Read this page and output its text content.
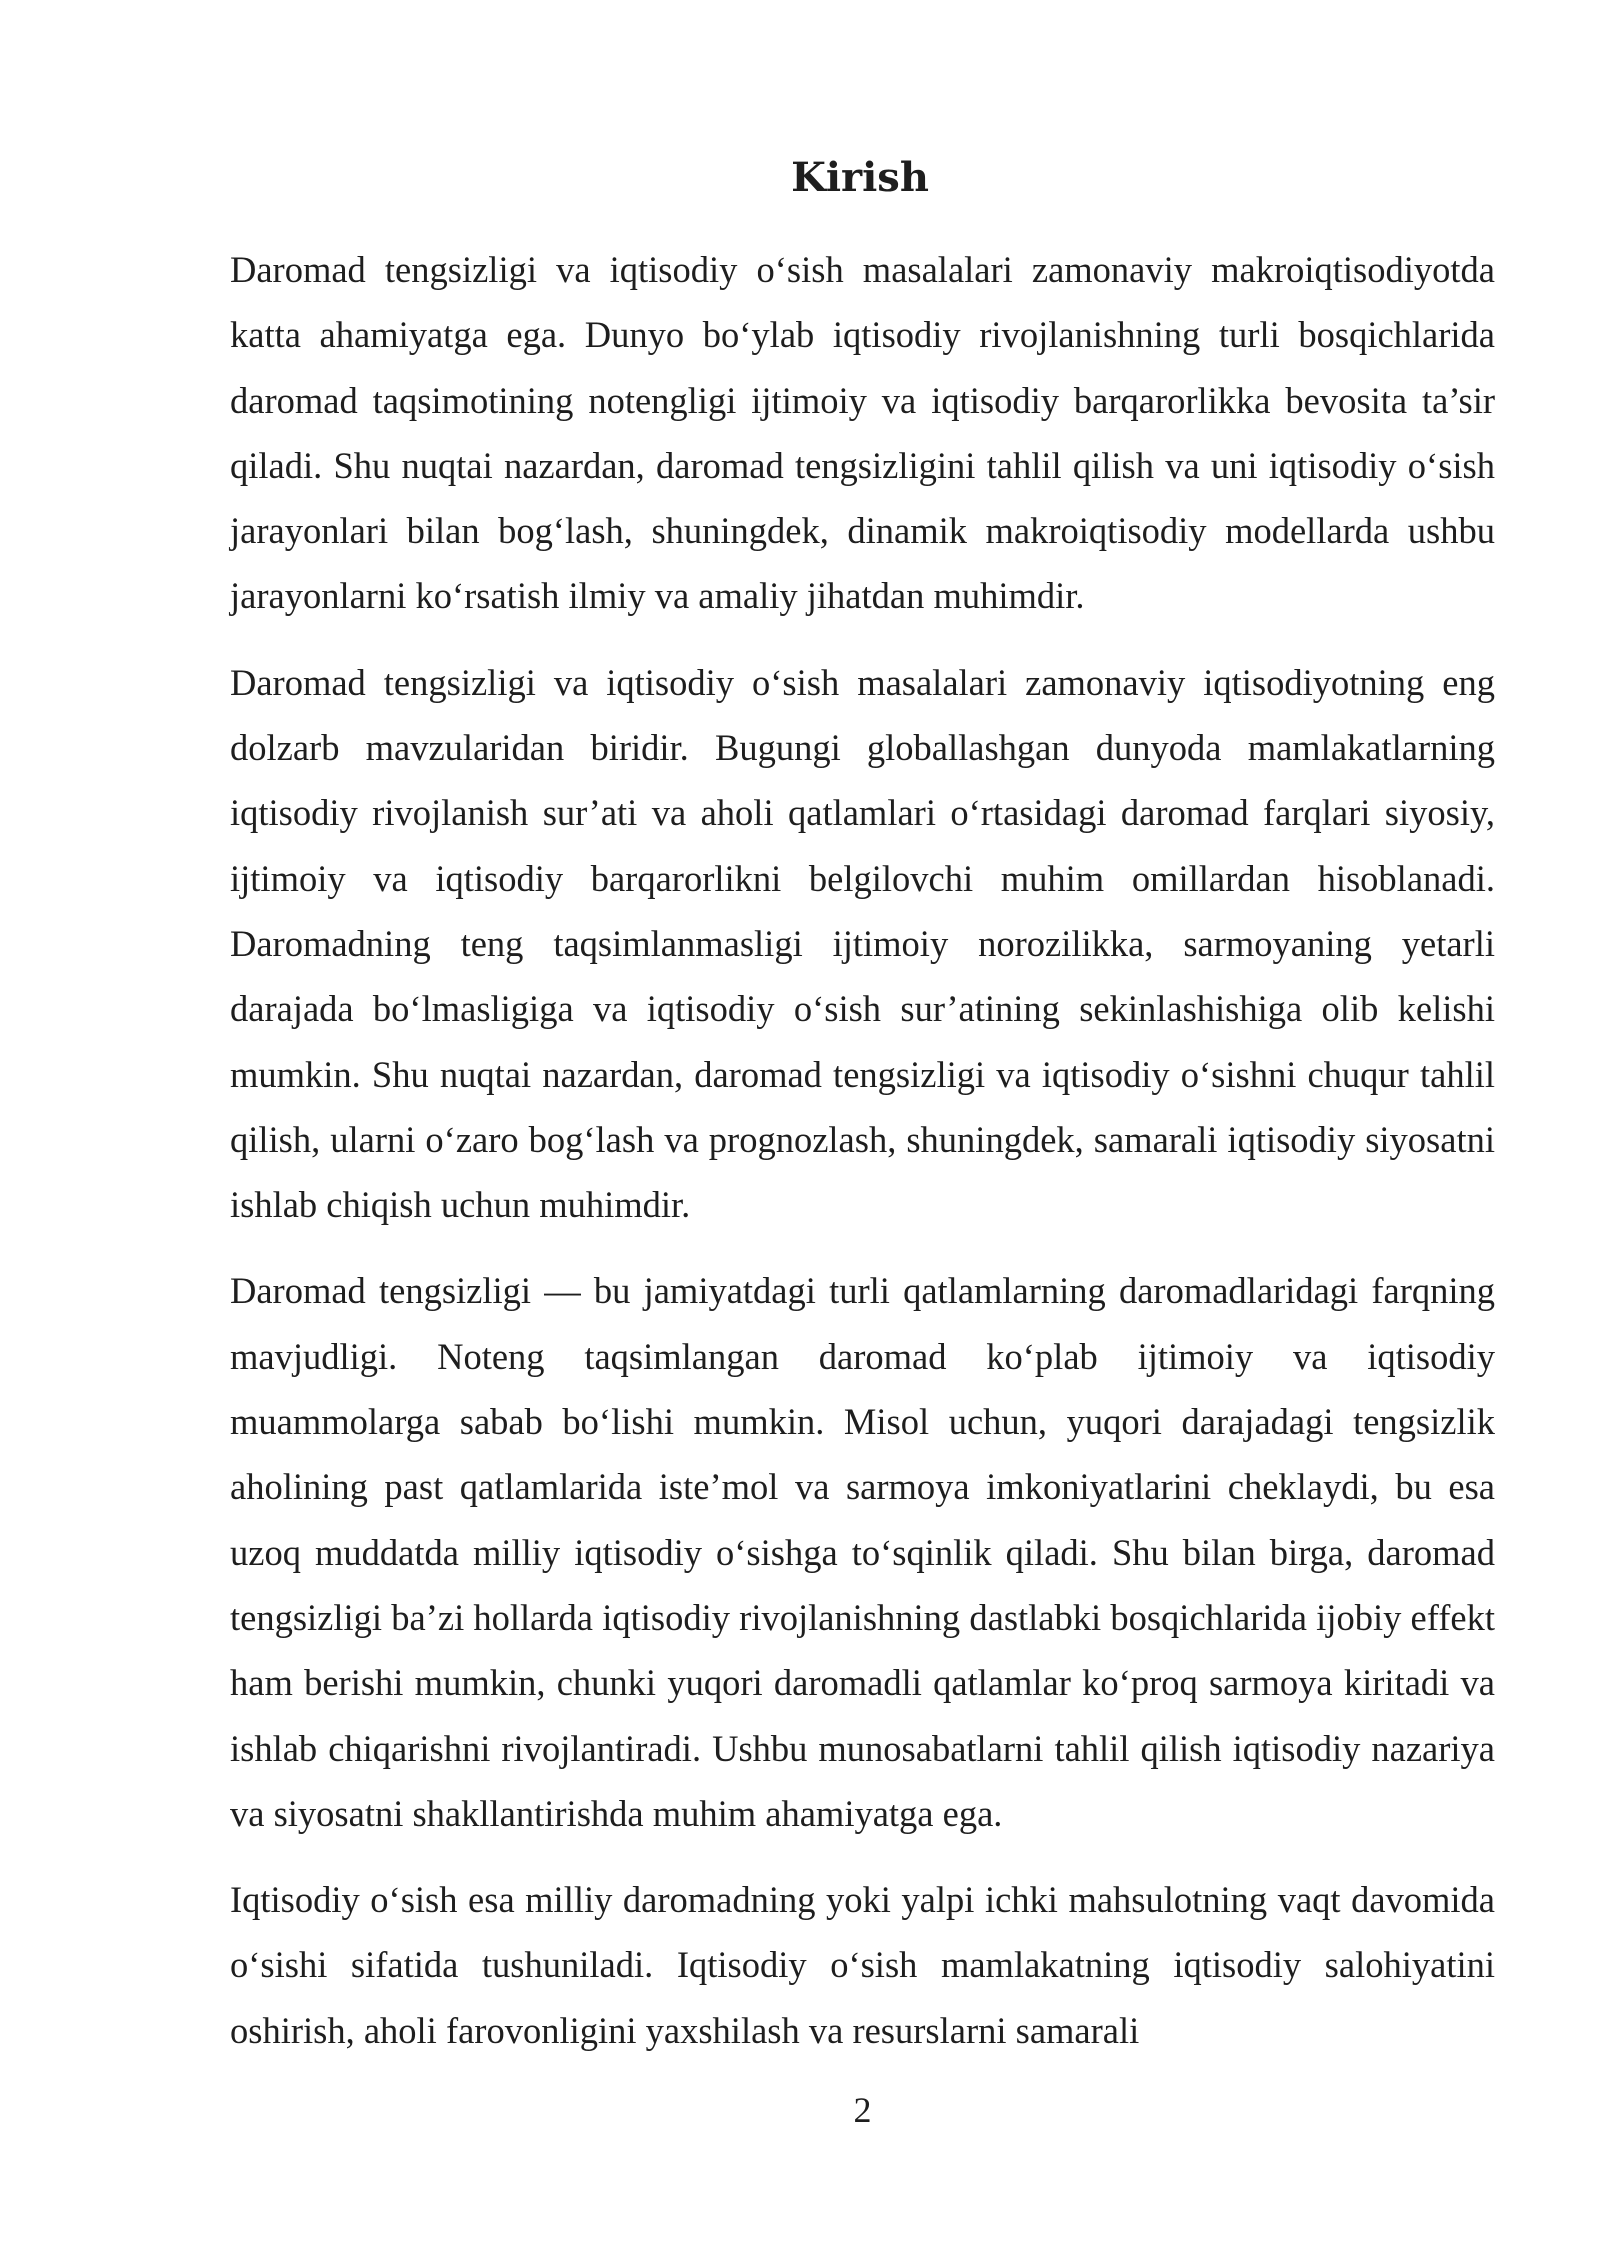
Kirish

Daromad tengsizligi va iqtisodiy o‘sish masalalari zamonaviy makroiqtisodiyotda katta ahamiyatga ega. Dunyo bo‘ylab iqtisodiy rivojlanishning turli bosqichlarida daromad taqsimotining notengligi ijtimoiy va iqtisodiy barqarorlikka bevosita ta’sir qiladi. Shu nuqtai nazardan, daromad tengsizligini tahlil qilish va uni iqtisodiy o‘sish jarayonlari bilan bog‘lash, shuningdek, dinamik makroiqtisodiy modellarda ushbu jarayonlarni ko‘rsatish ilmiy va amaliy jihatdan muhimdir.

Daromad tengsizligi va iqtisodiy o‘sish masalalari zamonaviy iqtisodiyotning eng dolzarb mavzularidan biridir. Bugungi globallashgan dunyoda mamlakatlarning iqtisodiy rivojlanish sur’ati va aholi qatlamlari o‘rtasidagi daromad farqlari siyosiy, ijtimoiy va iqtisodiy barqarorlikni belgilovchi muhim omillardan hisoblanadi. Daromadning teng taqsimlanmasligi ijtimoiy norozilikka, sarmoyaning yetarli darajada bo‘lmasligiga va iqtisodiy o‘sish sur’atining sekinlashishiga olib kelishi mumkin. Shu nuqtai nazardan, daromad tengsizligi va iqtisodiy o‘sishni chuqur tahlil qilish, ularni o‘zaro bog‘lash va prognozlash, shuningdek, samarali iqtisodiy siyosatni ishlab chiqish uchun muhimdir.

Daromad tengsizligi — bu jamiyatdagi turli qatlamlarning daromadlaridagi farqning mavjudligi. Noteng taqsimlangan daromad ko‘plab ijtimoiy va iqtisodiy muammolarga sabab bo‘lishi mumkin. Misol uchun, yuqori darajadagi tengsizlik aholining past qatlamlarida iste’mol va sarmoya imkoniyatlarini cheklaydi, bu esa uzoq muddatda milliy iqtisodiy o‘sishga to‘sqinlik qiladi. Shu bilan birga, daromad tengsizligi ba’zi hollarda iqtisodiy rivojlanishning dastlabki bosqichlarida ijobiy effekt ham berishi mumkin, chunki yuqori daromadli qatlamlar ko‘proq sarmoya kiritadi va ishlab chiqarishni rivojlantiradi. Ushbu munosabatlarni tahlil qilish iqtisodiy nazariya va siyosatni shakllantirishda muhim ahamiyatga ega.

Iqtisodiy o‘sish esa milliy daromadning yoki yalpi ichki mahsulotning vaqt davomida o‘sishi sifatida tushuniladi. Iqtisodiy o‘sish mamlakatning iqtisodiy salohiyatini oshirish, aholi farovonligini yaxshilash va resurslarni samarali

2
